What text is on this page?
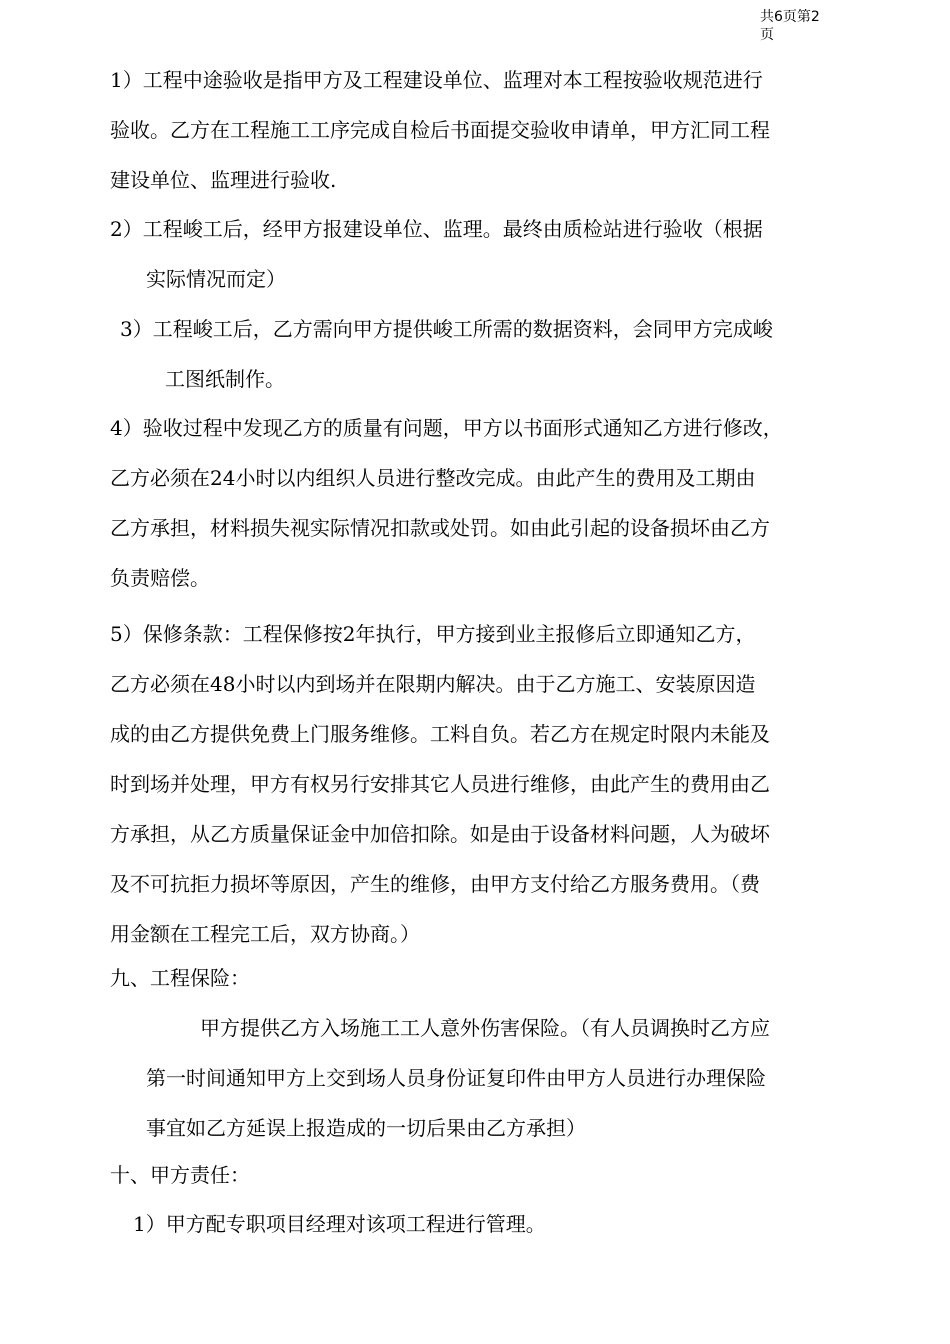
共6页第2页
1）工程中途验收是指甲方及工程建设单位、监理对本工程按验收规范进行
验收。乙方在工程施工工序完成自检后书面提交验收申请单，甲方汇同工程
建设单位、监理进行验收.
2）工程峻工后，经甲方报建设单位、监理。最终由质检站进行验收（根据
实际情况而定）
3）工程峻工后，乙方需向甲方提供峻工所需的数据资料，会同甲方完成峻
工图纸制作。
4）验收过程中发现乙方的质量有问题，甲方以书面形式通知乙方进行修改，
乙方必须在24小时以内组织人员进行整改完成。由此产生的费用及工期由
乙方承担，材料损失视实际情况扣款或处罚。如由此引起的设备损坏由乙方
负责赔偿。
5）保修条款：工程保修按2年执行，甲方接到业主报修后立即通知乙方，
乙方必须在48小时以内到场并在限期内解决。由于乙方施工、安装原因造
成的由乙方提供免费上门服务维修。工料自负。若乙方在规定时限内未能及
时到场并处理，甲方有权另行安排其它人员进行维修，由此产生的费用由乙
方承担，从乙方质量保证金中加倍扣除。如是由于设备材料问题，人为破坏
及不可抗拒力损坏等原因，产生的维修，由甲方支付给乙方服务费用。（费
用金额在工程完工后，双方协商。）
九、工程保险：
甲方提供乙方入场施工工人意外伤害保险。（有人员调换时乙方应
第一时间通知甲方上交到场人员身份证复印件由甲方人员进行办理保险
事宜如乙方延误上报造成的一切后果由乙方承担）
十、甲方责任：
1）甲方配专职项目经理对该项工程进行管理。
